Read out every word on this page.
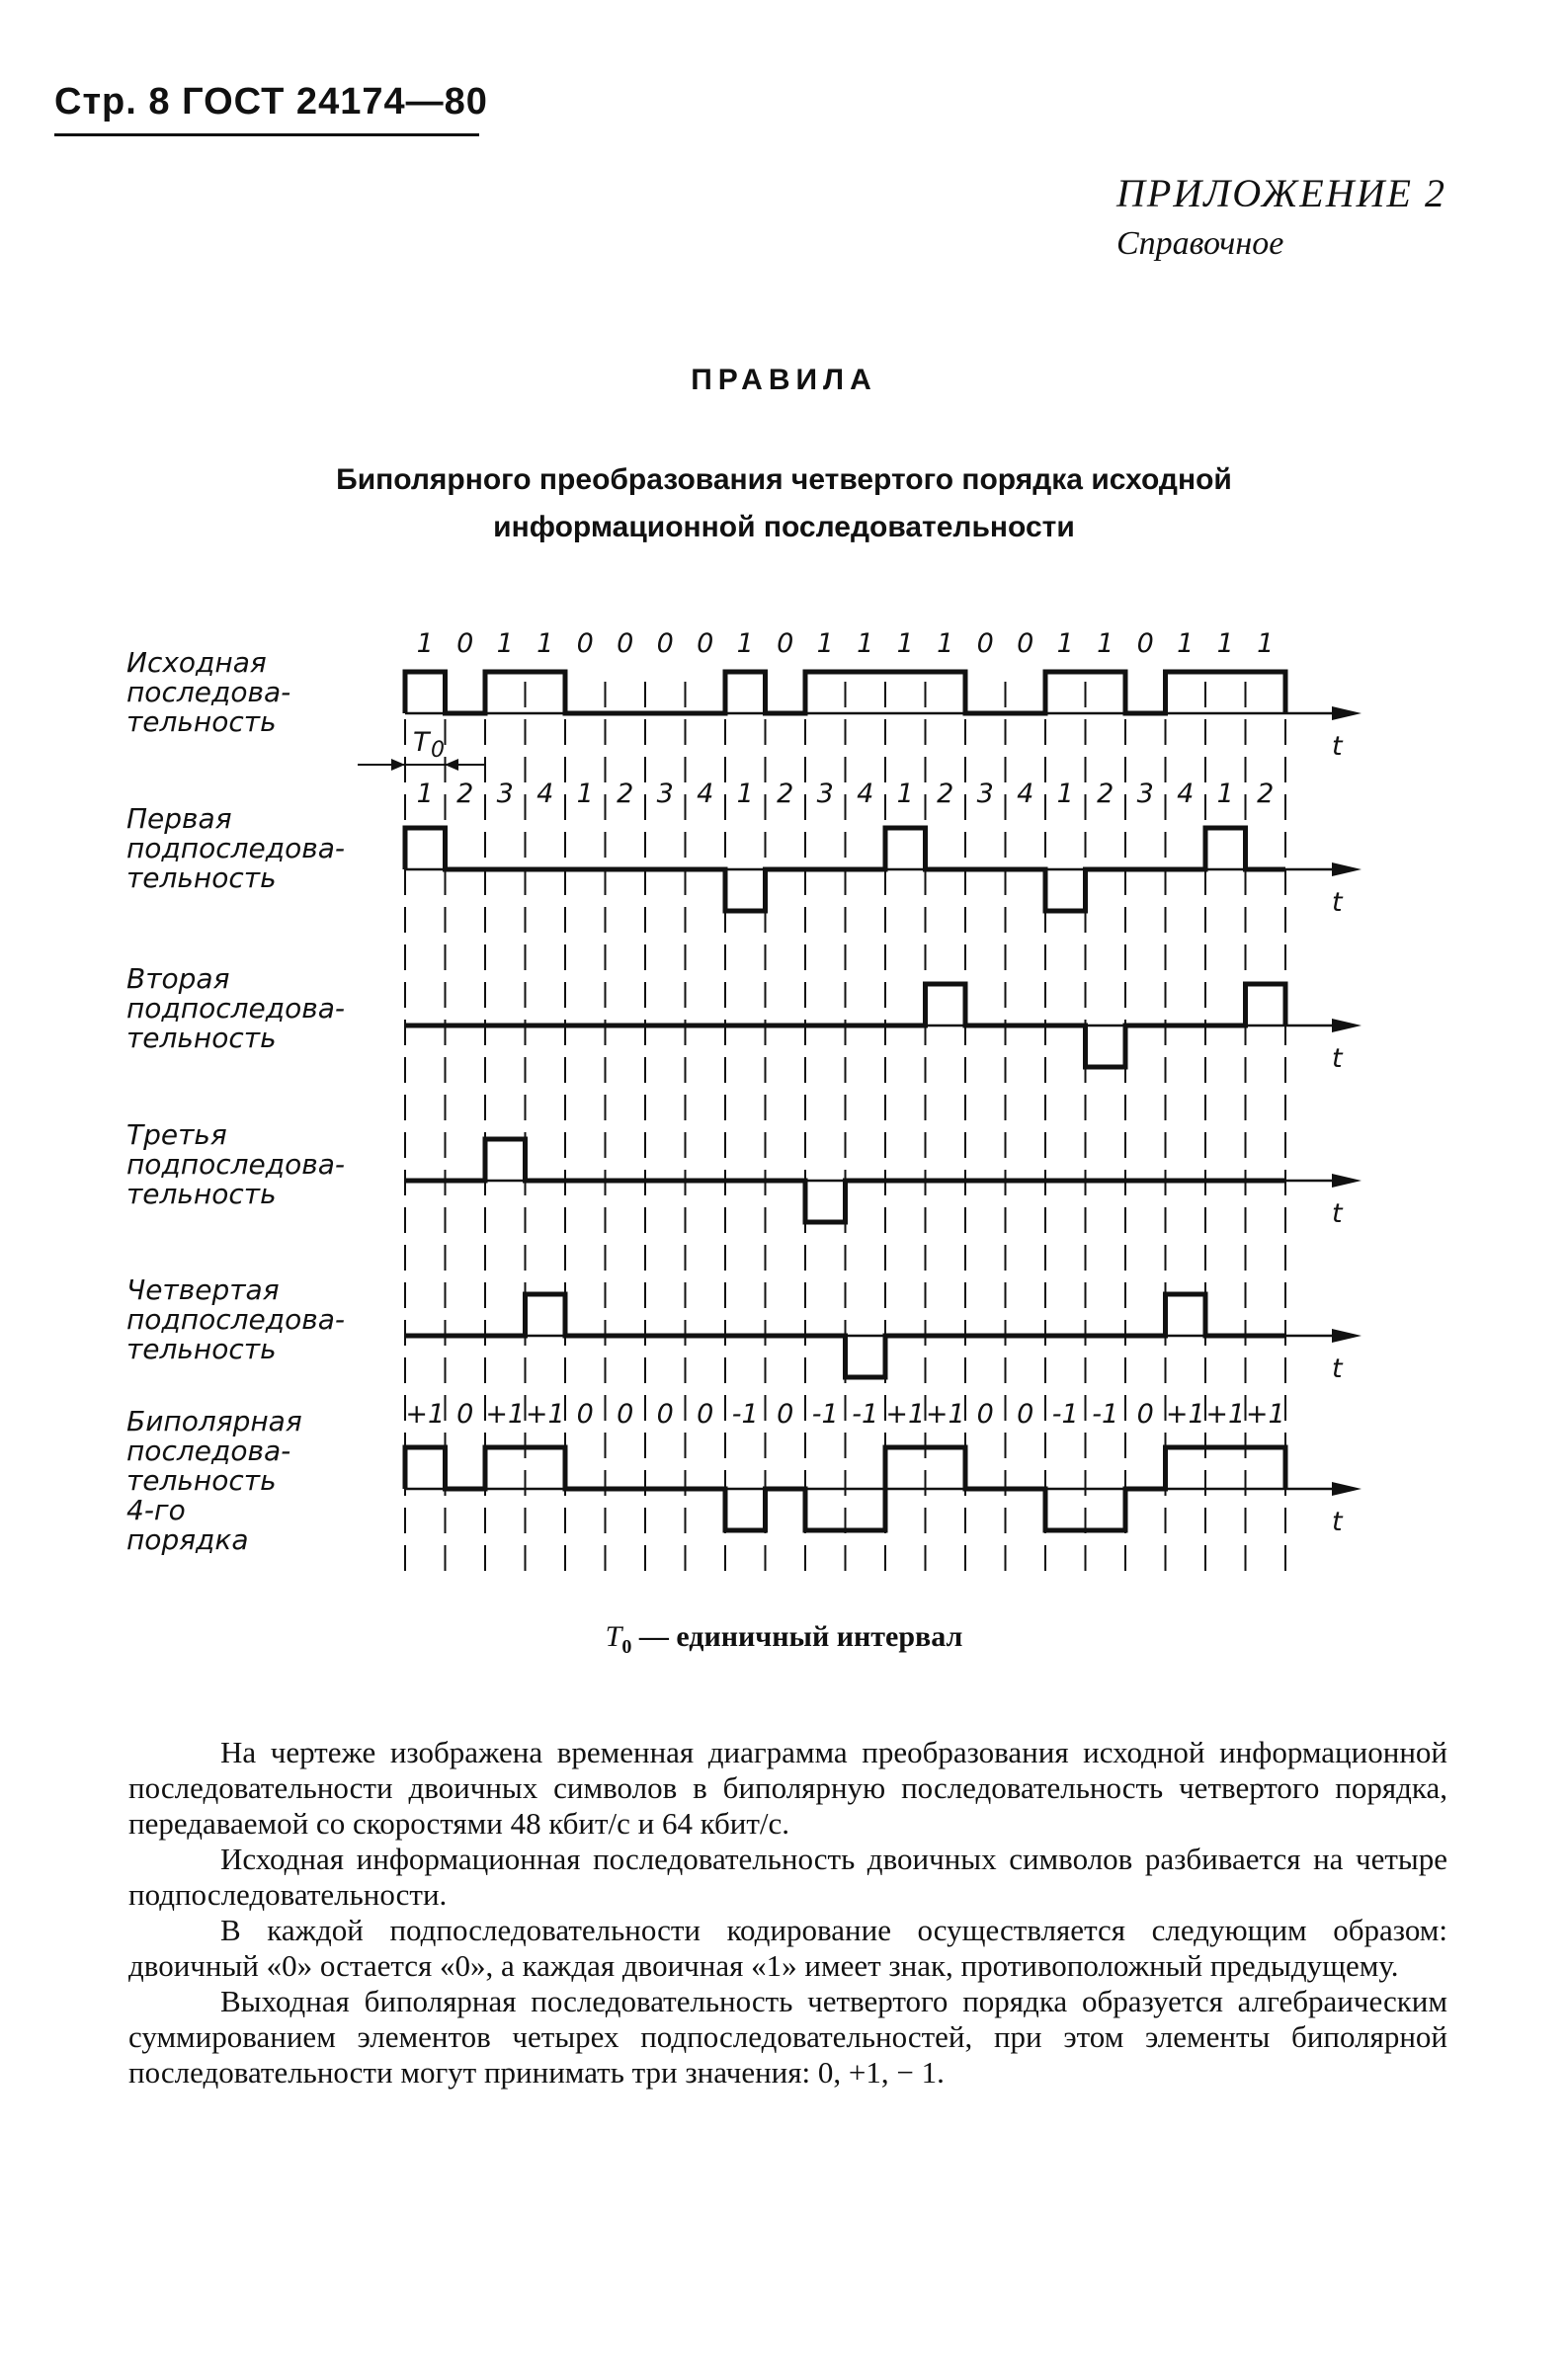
Стр. 8 ГОСТ 24174—80
ПРИЛОЖЕНИЕ 2
Справочное
ПРАВИЛА
Биполярного преобразования четвертого порядка исходной
информационной последовательности
1 0 1 1 0 0 0 0 1 0 1 1 1 1 0 0 1 1 0 1 1 1
1 2 3 4 1 2 3 4 1 2 3 4 1 2 3 4 1 2 3 4 1 2
T 0
+1 0 +1 +1 0 0 0 0 -1 0 -1 -1 +1 +1 0 0 -1 -1 0 +1 +1 +1
t
Исходная
последова-
тельность
t
Первая
подпоследова-
тельность
t
Вторая
подпоследова-
тельность
t
Третья
подпоследова-
тельность
t
Четвертая
подпоследова-
тельность
t
Биполярная
последова-
тельность
4-го
порядка
$T_0$ — единичный интервал

На чертеже изображена временная диаграмма преобразования исходной информационной последовательности двоичных символов в биполярную последовательность четвертого порядка, передаваемой со скоростями 48 кбит/с и 64 кбит/с.

Исходная информационная последовательность двоичных символов разбивается на четыре подпоследовательности.

В каждой подпоследовательности кодирование осуществляется следующим образом: двоичный «0» остается «0», а каждая двоичная «1» имеет знак, противоположный предыдущему.

Выходная биполярная последовательность четвертого порядка образуется алгебраическим суммированием элементов четырех подпоследовательностей, при этом элементы биполярной последовательности могут принимать три значения: 0, +1, − 1.
